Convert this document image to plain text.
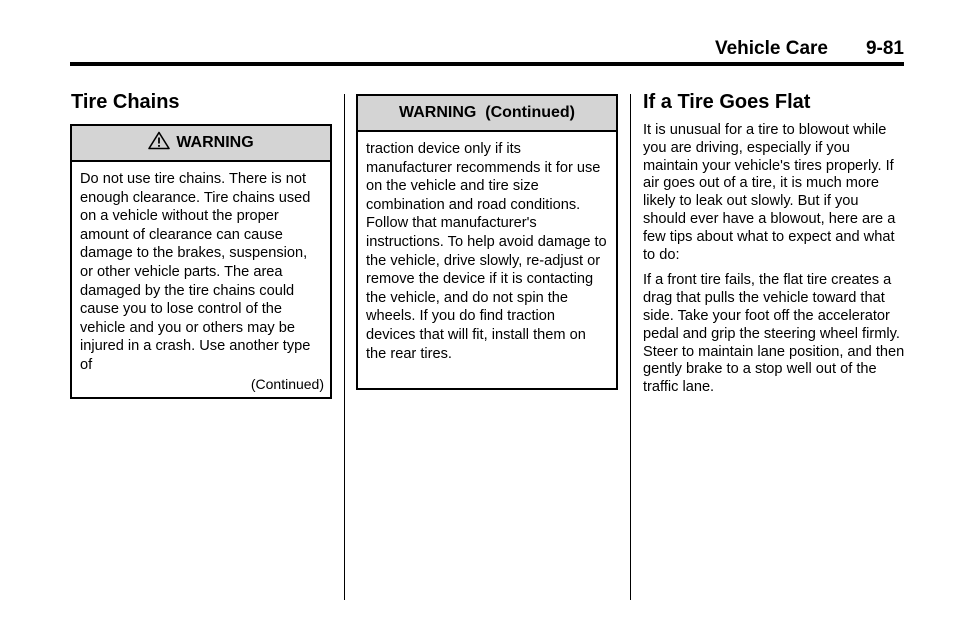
Vehicle Care 9-81
Tire Chains
WARNING
Do not use tire chains. There is not enough clearance. Tire chains used on a vehicle without the proper amount of clearance can cause damage to the brakes, suspension, or other vehicle parts. The area damaged by the tire chains could cause you to lose control of the vehicle and you or others may be injured in a crash. Use another type of
(Continued)
WARNING  (Continued)
traction device only if its manufacturer recommends it for use on the vehicle and tire size combination and road conditions. Follow that manufacturer's instructions. To help avoid damage to the vehicle, drive slowly, re-adjust or remove the device if it is contacting the vehicle, and do not spin the wheels. If you do find traction devices that will fit, install them on the rear tires.
If a Tire Goes Flat

It is unusual for a tire to blowout while you are driving, especially if you maintain your vehicle's tires properly. If air goes out of a tire, it is much more likely to leak out slowly. But if you should ever have a blowout, here are a few tips about what to expect and what to do:

If a front tire fails, the flat tire creates a drag that pulls the vehicle toward that side. Take your foot off the accelerator pedal and grip the steering wheel firmly. Steer to maintain lane position, and then gently brake to a stop well out of the traffic lane.
